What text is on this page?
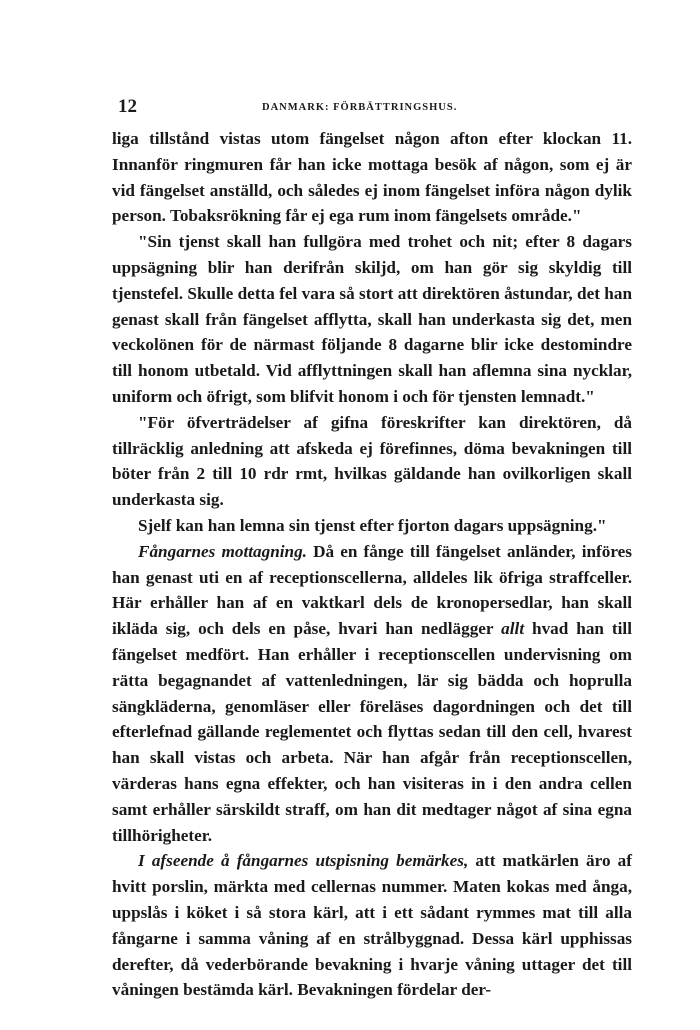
12	DANMARK: FÖRBÄTTRINGSHUS.

liga tillstånd vistas utom fängelset någon afton efter klockan 11. Innanför ringmuren får han icke mottaga besök af någon, som ej är vid fängelset anställd, och således ej inom fängelset införa någon dylik person. Tobaksrökning får ej ega rum inom fängelsets område."

"Sin tjenst skall han fullgöra med trohet och nit; efter 8 dagars uppsägning blir han derifrån skiljd, om han gör sig skyldig till tjenstefel. Skulle detta fel vara så stort att direktören åstundar, det han genast skall från fängelset afflytta, skall han underkasta sig det, men veckolönen för de närmast följande 8 dagarne blir icke destomindre till honom utbetald. Vid afflyttningen skall han aflemna sina nycklar, uniform och öfrigt, som blifvit honom i och för tjensten lemnadt."

"För öfverträdelser af gifna föreskrifter kan direktören, då tillräcklig anledning att afskeda ej förefinnes, döma bevakningen till böter från 2 till 10 rdr rmt, hvilkas gäldande han ovilkorligen skall underkasta sig.

Sjelf kan han lemna sin tjenst efter fjorton dagars uppsägning."

Fångarnes mottagning. Då en fånge till fängelset anländer, införes han genast uti en af receptionscellerna, alldeles lik öfriga straffceller. Här erhåller han af en vaktkarl dels de kronopersedlar, han skall ikläda sig, och dels en påse, hvari han nedlägger allt hvad han till fängelset medfört. Han erhåller i receptionscellen undervisning om rätta begagnandet af vattenledningen, lär sig bädda och hoprulla sängkläderna, genomläser eller föreläses dagordningen och det till efterlefnad gällande reglementet och flyttas sedan till den cell, hvarest han skall vistas och arbeta. När han afgår från receptionscellen, värderas hans egna effekter, och han visiteras in i den andra cellen samt erhåller särskildt straff, om han dit medtager något af sina egna tillhörigheter.

I afseende å fångarnes utspisning bemärkes, att matkärlen äro af hvitt porslin, märkta med cellernas nummer. Maten kokas med ånga, uppslås i köket i så stora kärl, att i ett sådant rymmes mat till alla fångarne i samma våning af en strålbyggnad. Dessa kärl upphissas derefter, då vederbörande bevakning i hvarje våning uttager det till våningen bestämda kärl. Bevakningen fördelar der-
